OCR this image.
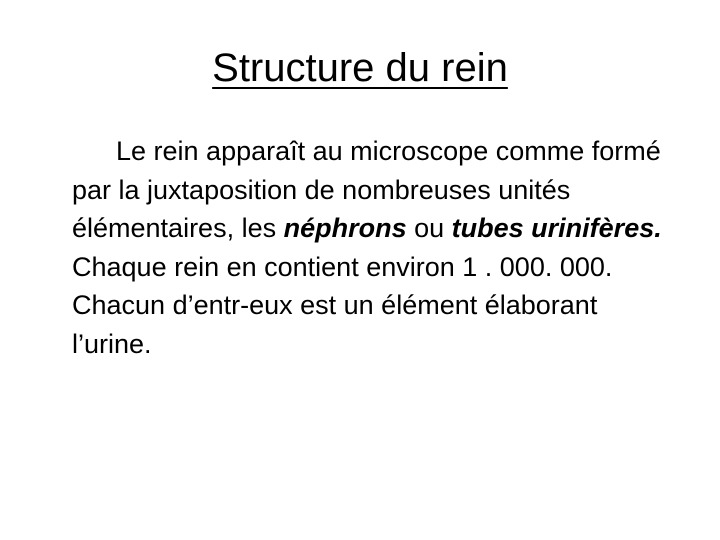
Structure du rein

Le rein apparaît au microscope comme formé par la juxtaposition de nombreuses unités élémentaires, les néphrons ou tubes urinifères. Chaque rein en contient environ 1 . 000. 000. Chacun d’entr-eux est un élément élaborant l’urine.
